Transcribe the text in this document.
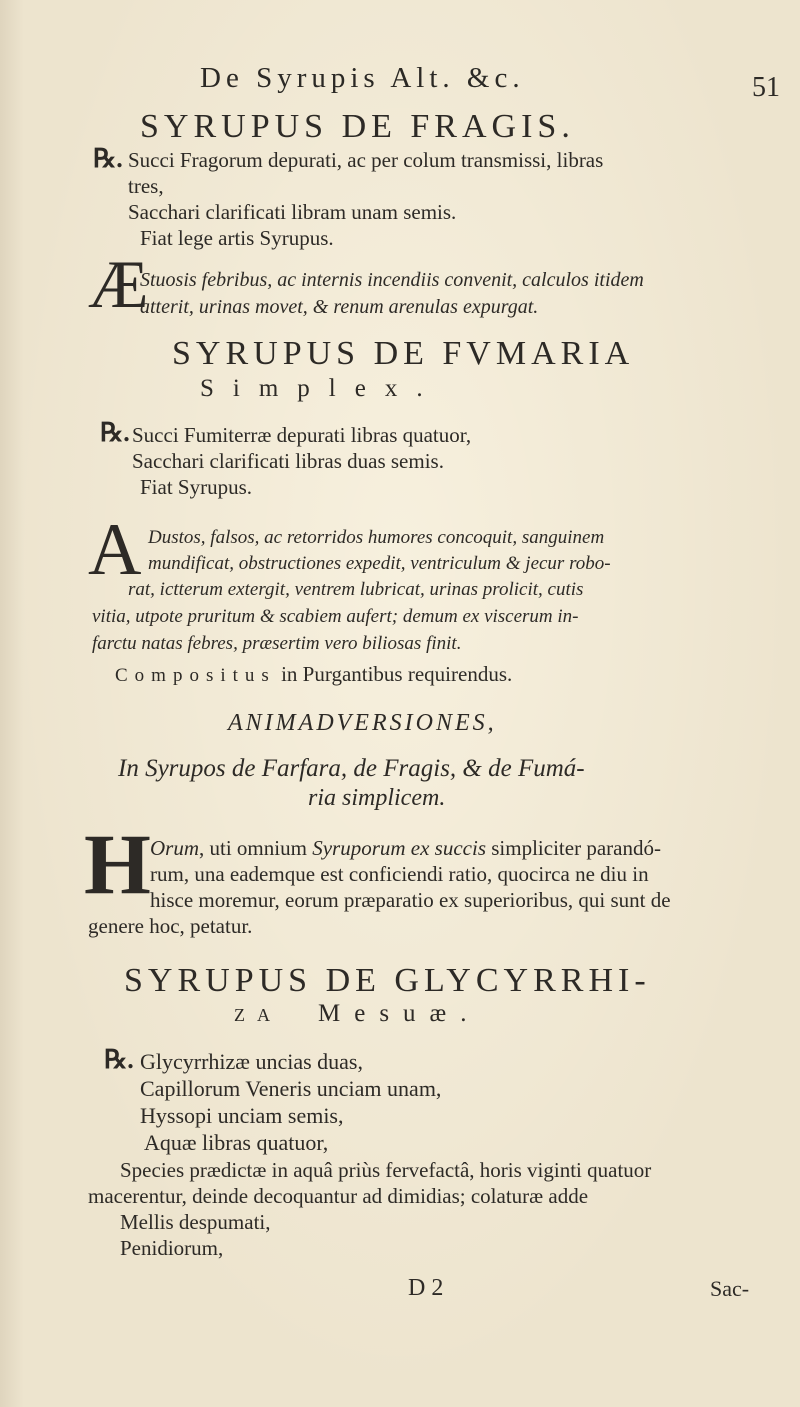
De Syrupis Alt. &c.	51
SYRUPUS DE FRAGIS.
℞. Succi Fragorum depurati, ac per colum transmissi, libras
tres,
Sacchari clarificati libram unam semis.
Fiat lege artis Syrupus.
Æ
Stuosis febribus, ac internis incendiis convenit, calculos itidem
atterit, urinas movet, & renum arenulas expurgat.
SYRUPUS DE FVMARIA
Simplex.
℞. Succi Fumiterræ depurati libras quatuor,
Sacchari clarificati libras duas semis.
Fiat Syrupus.
A Dustos, falsos, ac retorridos humores concoquit, sanguinem
mundificat, obstructiones expedit, ventriculum & jecur robo-
rat, ictterum extergit, ventrem lubricat, urinas prolicit, cutis
vitia, utpote pruritum & scabiem aufert; demum ex viscerum in-
farctu natas febres, præsertim vero biliosas finit.
Compositus in Purgantibus requirendus.
ANIMADVERSIONES,
In Syrupos de Farfara, de Fragis, & de Fumá-
ria simplicem.
H Orum, uti omnium Syruporum ex succis simpliciter parandó-
rum, una eademque est conficiendi ratio, quocirca ne diu in
hisce moremur, eorum præparatio ex superioribus, qui sunt de
genere hoc, petatur.
SYRUPUS DE GLYCYRRHI-
ZA Mesuæ.
℞. Glycyrrhizæ uncias duas,
Capillorum Veneris unciam unam,
Hyssopi unciam semis,
Aquæ libras quatuor,
Species prædictæ in aquâ priùs fervefactâ, horis viginti quatuor
macerentur, deinde decoquantur ad dimidias; colaturæ adde
Mellis despumati,
Penidiorum,
D 2	Sac-
